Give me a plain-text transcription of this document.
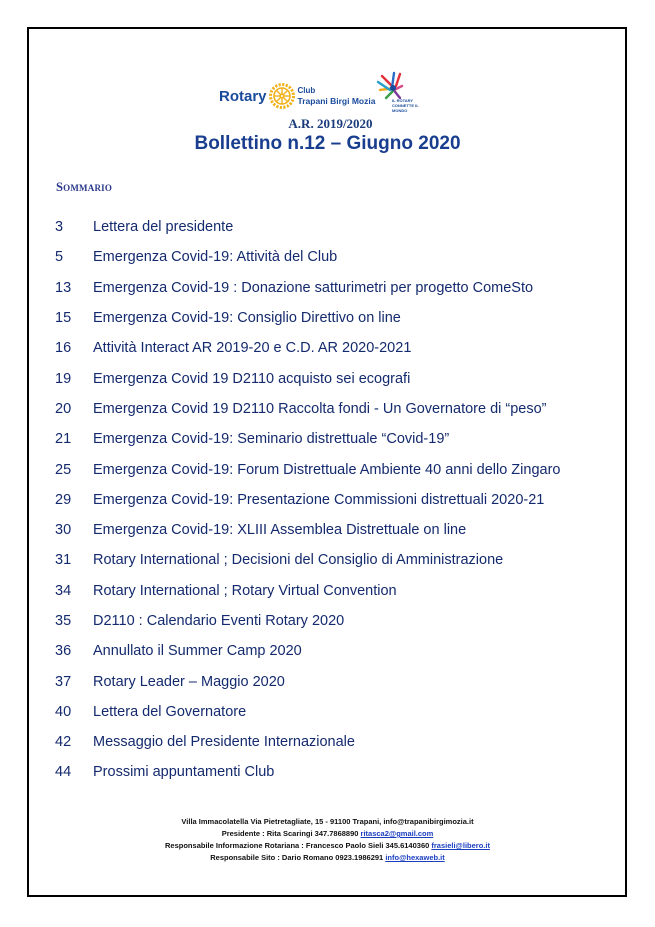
Rotary	Club
Trapani Birgi Mozia	IL ROTARY CONNETTE IL MONDO
A.R. 2019/2020
Bollettino n.12 – Giugno 2020
Sommario
3	Lettera del presidente
5	Emergenza Covid-19: Attività del Club
13	Emergenza Covid-19 : Donazione satturimetri per progetto ComeSto
15	Emergenza Covid-19: Consiglio Direttivo on line
16	Attività Interact AR 2019-20 e C.D. AR 2020-2021
19	Emergenza Covid 19 D2110 acquisto sei ecografi
20	Emergenza Covid 19 D2110 Raccolta fondi - Un Governatore di “peso”
21	Emergenza Covid-19: Seminario distrettuale “Covid-19”
25	Emergenza Covid-19: Forum Distrettuale Ambiente 40 anni dello Zingaro
29	Emergenza Covid-19: Presentazione Commissioni distrettuali 2020-21
30	Emergenza Covid-19: XLIII Assemblea Distrettuale on line
31	Rotary International ; Decisioni del Consiglio di Amministrazione
34	Rotary International ; Rotary Virtual Convention
35	D2110 : Calendario Eventi Rotary 2020
36	Annullato il Summer Camp 2020
37	Rotary Leader – Maggio 2020
40	Lettera del Governatore
42	Messaggio del Presidente Internazionale
44	Prossimi appuntamenti Club
Villa Immacolatella Via Pietretagliate, 15 - 91100 Trapani, info@trapanibirgimozia.it
Presidente : Rita Scaringi 347.7868890 ritasca2@gmail.com
Responsabile Informazione Rotariana : Francesco Paolo Sieli 345.6140360 frasieli@libero.it
Responsabile Sito : Dario Romano 0923.1986291 info@hexaweb.it
